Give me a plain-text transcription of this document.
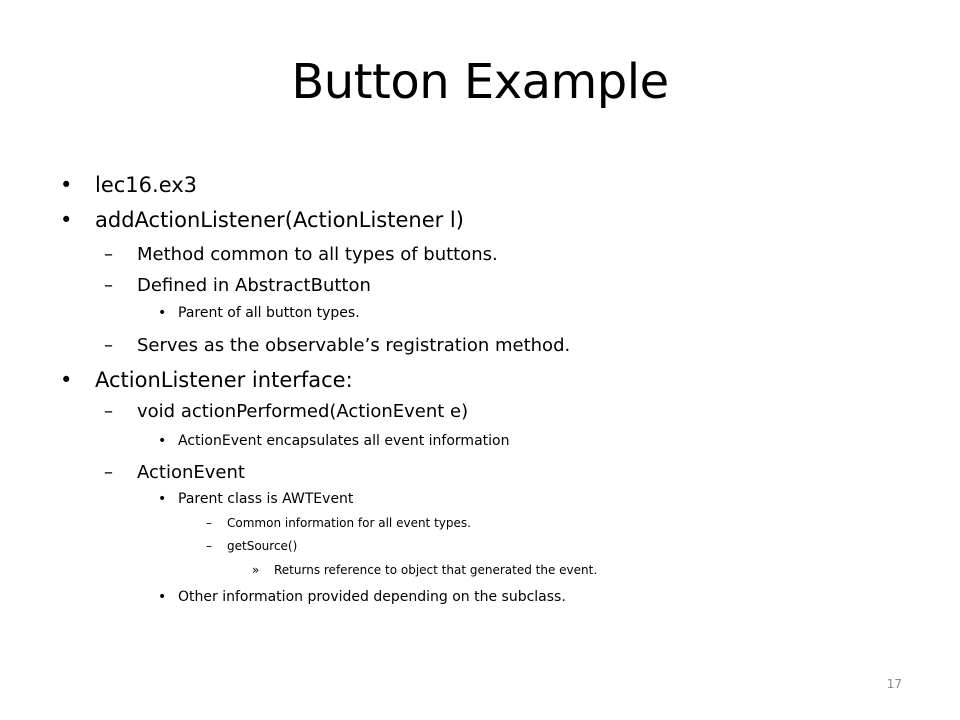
Button Example
• lec16.ex3
• addActionListener(ActionListener l)
– Method common to all types of buttons.
– Defined in AbstractButton
• Parent of all button types.
– Serves as the observable’s registration method.
• ActionListener interface:
– void actionPerformed(ActionEvent e)
• ActionEvent encapsulates all event information
– ActionEvent
• Parent class is AWTEvent
– Common information for all event types.
– getSource()
» Returns reference to object that generated the event.
• Other information provided depending on the subclass.
17
